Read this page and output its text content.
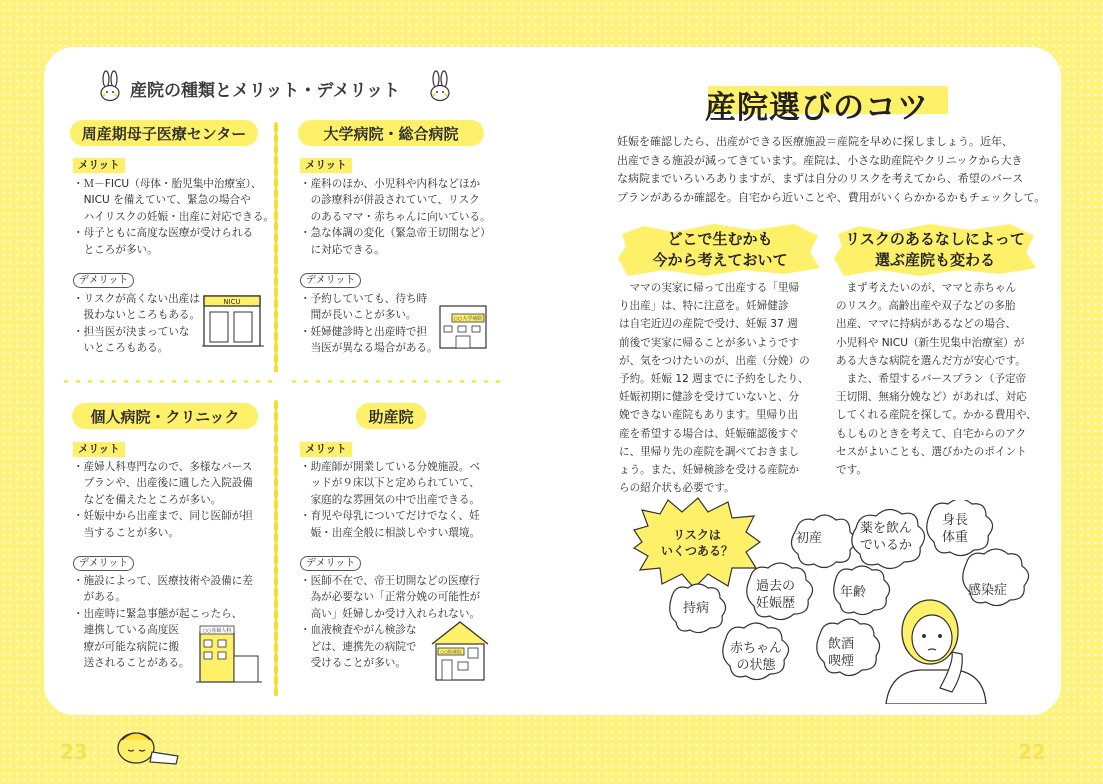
23	22
産院の種類とメリット・デメリット
周産期母子医療センター
メリット
・Ｍ－FICU（母体・胎児集中治療室）、
　NICU を備えていて、緊急の場合や
　ハイリスクの妊娠・出産に対応できる。
・母子ともに高度な医療が受けられる
　ところが多い。
デメリット
・リスクが高くない出産は
　扱わないところもある。
・担当医が決まっていな
　いところもある。
NICU
大学病院・総合病院
メリット
・産科のほか、小児科や内科などほか
　の診療科が併設されていて、リスク
　のあるママ・赤ちゃんに向いている。
・急な体調の変化（緊急帝王切開など）
　に対応できる。
デメリット
・予約していても、待ち時
　間が長いことが多い。
・妊婦健診時と出産時で担
　当医が異なる場合がある。
○○大学病院
個人病院・クリニック
メリット
・産婦人科専門なので、多様なバース
　プランや、出産後に適した入院設備
　などを備えたところが多い。
・妊娠中から出産まで、同じ医師が担
　当することが多い。
デメリット
・施設によって、医療技術や設備に差
　がある。
・出産時に緊急事態が起こったら、
　連携している高度医
　療が可能な病院に搬
　送されることがある。
○○産婦人科
助産院
メリット
・助産師が開業している分娩施設。ベ
　ッドが９床以下と定められていて、
　家庭的な雰囲気の中で出産できる。
・育児や母乳についてだけでなく、妊
　娠・出産全般に相談しやすい環境。
デメリット
・医師不在で、帝王切開などの医療行
　為が必要ない「正常分娩の可能性が
　高い」妊婦しか受け入れられない。
・血液検査やがん検診な
　どは、連携先の病院で
　受けることが多い。
○○助産院
産院選びのコツ
妊娠を確認したら、出産ができる医療施設＝産院を早めに探しましょう。近年、
出産できる施設が減ってきています。産院は、小さな助産院やクリニックから大き
な病院までいろいろありますが、まずは自分のリスクを考えてから、希望のバース
プランがあるか確認を。自宅から近いことや、費用がいくらかかるかもチェックして。
どこで生むかも
今から考えておいて
リスクのあるなしによって
選ぶ産院も変わる
　ママの実家に帰って出産する「里帰
り出産」は、特に注意を。妊婦健診
は自宅近辺の産院で受け、妊娠 37 週
前後で実家に帰ることが多いようです
が、気をつけたいのが、出産（分娩）の
予約。妊娠 12 週までに予約をしたり、
妊娠初期に健診を受けていないと、分
娩できない産院もあります。里帰り出
産を希望する場合は、妊娠確認後すぐ
に、里帰り先の産院を調べておきまし
ょう。また、妊婦検診を受ける産院か
らの紹介状も必要です。
　まず考えたいのが、ママと赤ちゃん
のリスク。高齢出産や双子などの多胎
出産、ママに持病があるなどの場合、
小児科や NICU（新生児集中治療室）が
ある大きな病院を選んだ方が安心です。
　また、希望するバースプラン（予定帝
王切開、無痛分娩など）があれば、対応
してくれる産院を探して。かかる費用や、
もしものときを考えて、自宅からのアク
セスがよいことも、選びかたのポイント
です。
リスクは
いくつある？
初産
薬を飲ん
でいるか
身長
体重
過去の
妊娠歴
年齢	感染症
持病
赤ちゃん
の状態
飲酒
喫煙
